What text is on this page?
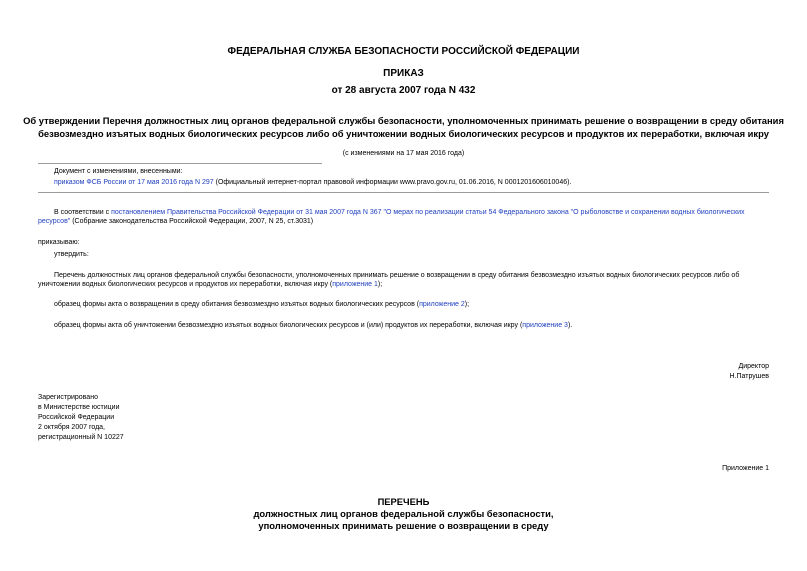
ФЕДЕРАЛЬНАЯ СЛУЖБА БЕЗОПАСНОСТИ РОССИЙСКОЙ ФЕДЕРАЦИИ
ПРИКАЗ
от 28 августа 2007 года N 432
Об утверждении Перечня должностных лиц органов федеральной службы безопасности, уполномоченных принимать решение о возвращении в среду обитания
безвозмездно изъятых водных биологических ресурсов либо об уничтожении водных биологических ресурсов и продуктов их переработки, включая икру
(с изменениями на 17 мая 2016 года)
Документ с изменениями, внесенными:
приказом ФСБ России от 17 мая 2016 года N 297 (Официальный интернет-портал правовой информации www.pravo.gov.ru, 01.06.2016, N 0001201606010046).
В соответствии с постановлением Правительства Российской Федерации от 31 мая 2007 года N 367 "О мерах по реализации статьи 54 Федерального закона "О рыболовстве и сохранении водных биологических
ресурсов" (Собрание законодательства Российской Федерации, 2007, N 25, ст.3031)
приказываю:
утвердить:
Перечень должностных лиц органов федеральной службы безопасности, уполномоченных принимать решение о возвращении в среду обитания безвозмездно изъятых водных биологических ресурсов либо об
уничтожении водных биологических ресурсов и продуктов их переработки, включая икру (приложение 1);
образец формы акта о возвращении в среду обитания безвозмездно изъятых водных биологических ресурсов (приложение 2);
образец формы акта об уничтожении безвозмездно изъятых водных биологических ресурсов и (или) продуктов их переработки, включая икру (приложение 3).
Директор
Н.Патрушев
Зарегистрировано
в Министерстве юстиции
Российской Федерации
2 октября 2007 года,
регистрационный N 10227
Приложение 1
ПЕРЕЧЕНЬ
должностных лиц органов федеральной службы безопасности,
уполномоченных принимать решение о возвращении в среду
